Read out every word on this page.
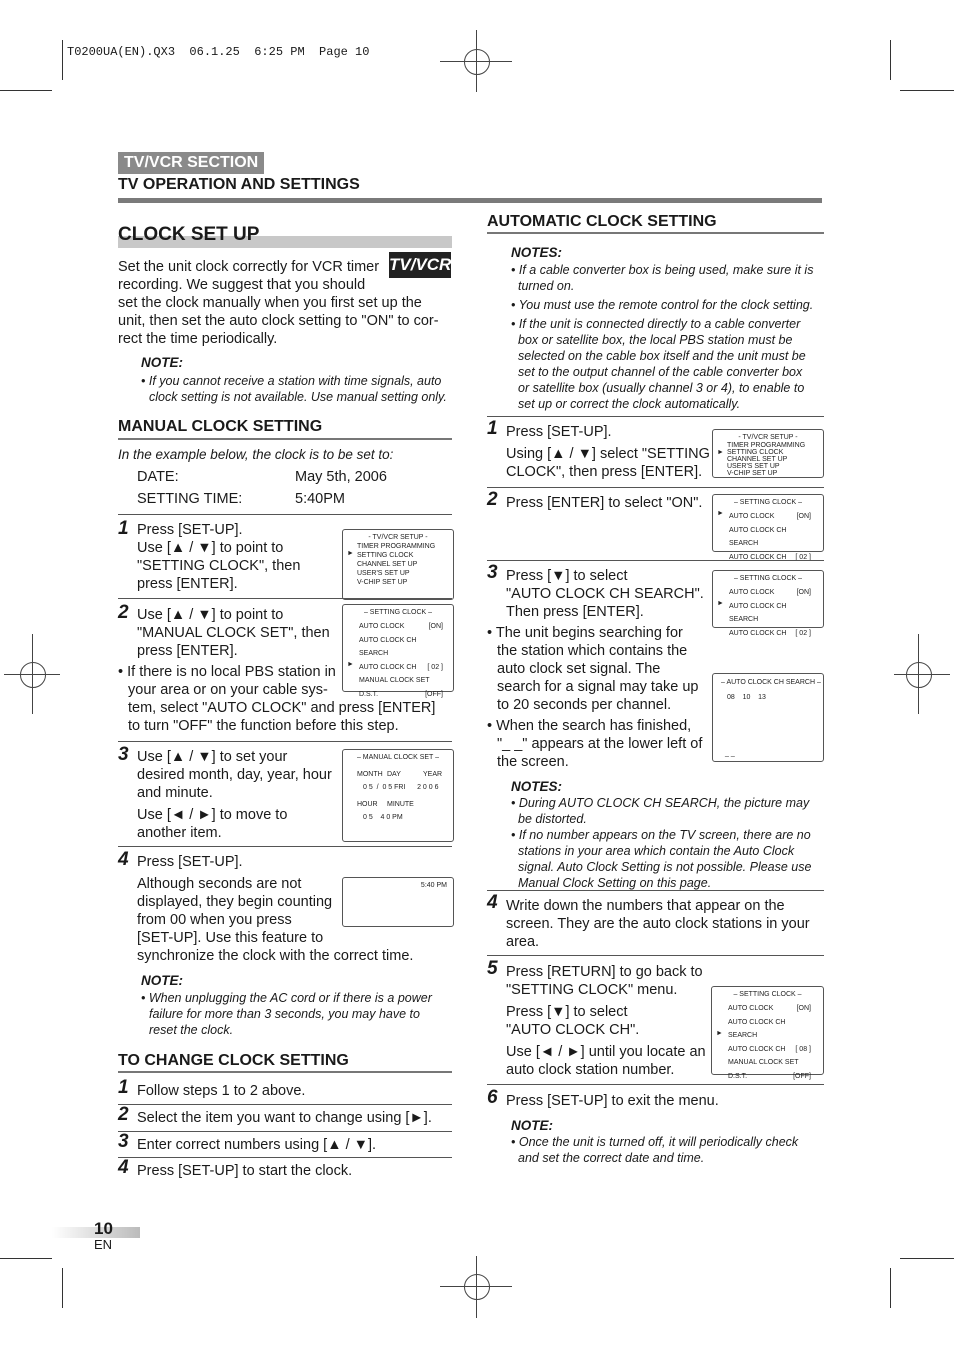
T0200UA(EN).QX3  06.1.25  6:25 PM  Page 10
TV/VCR SECTION
TV OPERATION AND SETTINGS
CLOCK SET UP
TV/VCR
Set the unit clock correctly for VCR timer
recording. We suggest that you should
set the clock manually when you first set up the
unit, then set the auto clock setting to "ON" to cor-
rect the time periodically.
NOTE:
• If you cannot receive a station with time signals, auto
clock setting is not available. Use manual setting only.
MANUAL CLOCK SETTING
In the example below, the clock is to be set to:
DATE:	May 5th, 2006
SETTING TIME:	5:40PM
1 Press [SET-UP].
Use [▲ / ▼] to point to
"SETTING CLOCK", then
press [ENTER].
- TV/VCR SETUP -
TIMER PROGRAMMING
SETTING CLOCK
CHANNEL SET UP
USER'S SET UP
V-CHIP SET UP
►
2 Use [▲ / ▼] to point to
"MANUAL CLOCK SET", then
press [ENTER].
– SETTING CLOCK –
AUTO CLOCK	[ON]
AUTO CLOCK CH SEARCH
AUTO CLOCK CH [ 02 ]
MANUAL CLOCK SET
D.S.T.	[OFF]
►
• If there is no local PBS station in
your area or on your cable sys-
tem, select "AUTO CLOCK" and press [ENTER]
to turn "OFF" the function before this step.
3 Use [▲ / ▼] to set your
desired month, day, year, hour
and minute.
Use [◄ / ►] to move to
another item.
– MANUAL CLOCK SET –
MONTH DAY	YEAR
0 5  /  0 5 FRI      2 0 0 6
HOUR MINUTE
0 5    4 0 PM
4 Press [SET-UP].
Although seconds are not
displayed, they begin counting
from 00 when you press
[SET-UP]. Use this feature to
synchronize the clock with the correct time.
5:40 PM
NOTE:
• When unplugging the AC cord or if there is a power
failure for more than 3 seconds, you may have to
reset the clock.
TO CHANGE CLOCK SETTING
1 Follow steps 1 to 2 above.
2 Select the item you want to change using [►].
3 Enter correct numbers using [▲ / ▼].
4 Press [SET-UP] to start the clock.
AUTOMATIC CLOCK SETTING
NOTES:
• If a cable converter box is being used, make sure it is
turned on.
• You must use the remote control for the clock setting.
• If the unit is connected directly to a cable converter
box or satellite box, the local PBS station must be
selected on the cable box itself and the unit must be
set to the output channel of the cable converter box
or satellite box (usually channel 3 or 4), to enable to
set up or correct the clock automatically.
1 Press [SET-UP].
Using [▲ / ▼] select "SETTING
CLOCK", then press [ENTER].
- TV/VCR SETUP -
TIMER PROGRAMMING
SETTING CLOCK
CHANNEL SET UP
USER'S SET UP
V-CHIP SET UP
►
2 Press [ENTER] to select "ON".	– SETTING CLOCK –
AUTO CLOCK	[ON]
AUTO CLOCK CH SEARCH
AUTO CLOCK CH [ 02 ]
►
3 Press [▼] to select
"AUTO CLOCK CH SEARCH".
Then press [ENTER].
– SETTING CLOCK –
AUTO CLOCK	[ON]
AUTO CLOCK CH SEARCH
AUTO CLOCK CH [ 02 ]
►
• The unit begins searching for
the station which contains the
auto clock set signal. The
search for a signal may take up
to 20 seconds per channel.
• When the search has finished,
"_ _" appears at the lower left of
the screen.
– AUTO CLOCK CH SEARCH –
08    10    13
_ _
NOTES:
• During AUTO CLOCK CH SEARCH, the picture may
be distorted.
• If no number appears on the TV screen, there are no
stations in your area which contain the Auto Clock
signal. Auto Clock Setting is not possible. Please use
Manual Clock Setting on this page.
4 Write down the numbers that appear on the
screen. They are the auto clock stations in your
area.
5 Press [RETURN] to go back to
"SETTING CLOCK" menu.
Press [▼] to select
"AUTO CLOCK CH".
Use [◄ / ►] until you locate an
auto clock station number.
– SETTING CLOCK –
AUTO CLOCK	[ON]
AUTO CLOCK CH SEARCH
AUTO CLOCK CH [ 08 ]
MANUAL CLOCK SET
D.S.T.	[OFF]
►
6 Press [SET-UP] to exit the menu.
NOTE:
• Once the unit is turned off, it will periodically check
and set the correct date and time.
10
EN
